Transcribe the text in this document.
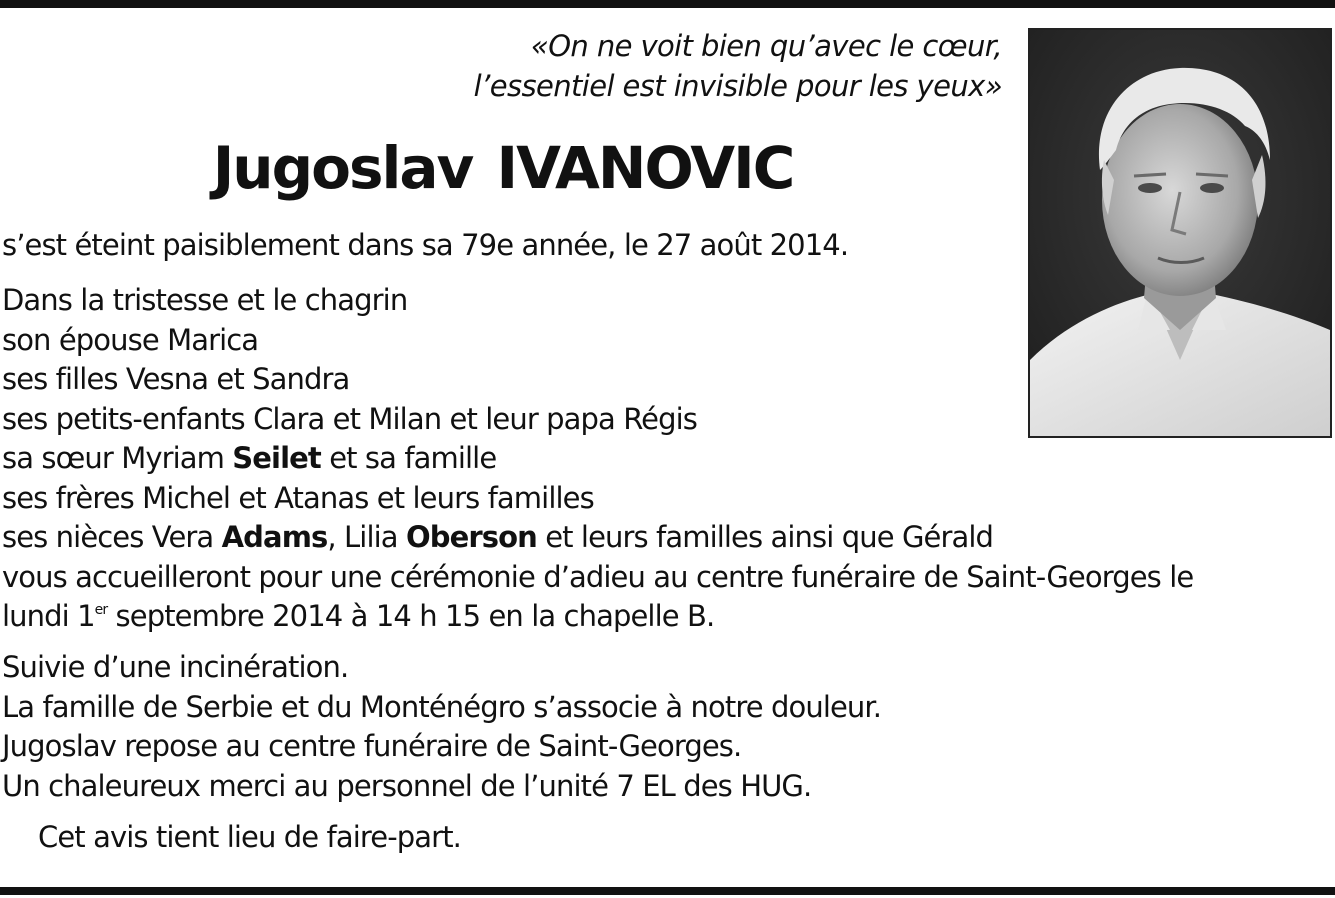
«On ne voit bien qu’avec le cœur,
l’essentiel est invisible pour les yeux»
Jugoslav IVANOVIC
s’est éteint paisiblement dans sa 79e année, le 27 août 2014.
Dans la tristesse et le chagrin
son épouse Marica
ses filles Vesna et Sandra
ses petits-enfants Clara et Milan et leur papa Régis
sa sœur Myriam Seilet et sa famille
ses frères Michel et Atanas et leurs familles
ses nièces Vera Adams, Lilia Oberson et leurs familles ainsi que Gérald
vous accueilleront pour une cérémonie d’adieu au centre funéraire de Saint-Georges le
lundi 1er septembre 2014 à 14 h 15 en la chapelle B.
Suivie d’une incinération.
La famille de Serbie et du Monténégro s’associe à notre douleur.
Jugoslav repose au centre funéraire de Saint-Georges.
Un chaleureux merci au personnel de l’unité 7 EL des HUG.
Cet avis tient lieu de faire-part.
